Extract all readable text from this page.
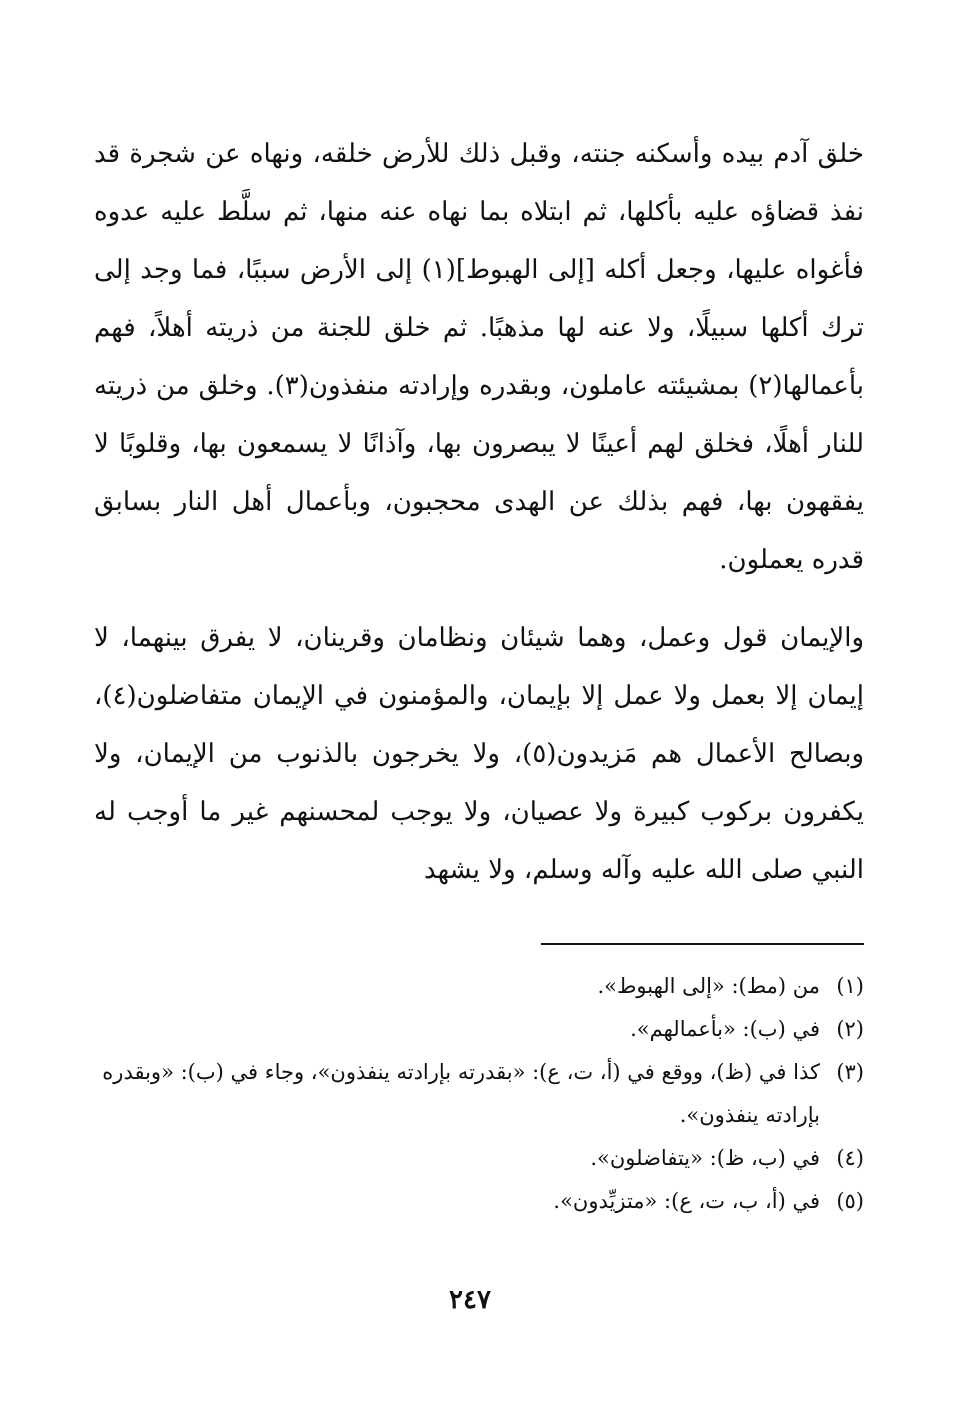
خلق آدم بيده وأسكنه جنته، وقبل ذلك للأرض خلقه، ونهاه عن شجرة قد نفذ قضاؤه عليه بأكلها، ثم ابتلاه بما نهاه عنه منها، ثم سلَّط عليه عدوه فأغواه عليها، وجعل أكله [إلى الهبوط](١) إلى الأرض سببًا، فما وجد إلى ترك أكلها سبيلًا، ولا عنه لها مذهبًا. ثم خلق للجنة من ذريته أهلاً، فهم بأعمالها(٢) بمشيئته عاملون، وبقدره وإرادته منفذون(٣). وخلق من ذريته للنار أهلًا، فخلق لهم أعينًا لا يبصرون بها، وآذانًا لا يسمعون بها، وقلوبًا لا يفقهون بها، فهم بذلك عن الهدى محجبون، وبأعمال أهل النار بسابق قدره يعملون.

والإيمان قول وعمل، وهما شيئان ونظامان وقرينان، لا يفرق بينهما، لا إيمان إلا بعمل ولا عمل إلا بإيمان، والمؤمنون في الإيمان متفاضلون(٤)، وبصالح الأعمال هم مَزيدون(٥)، ولا يخرجون بالذنوب من الإيمان، ولا يكفرون بركوب كبيرة ولا عصيان، ولا يوجب لمحسنهم غير ما أوجب له النبي صلى الله عليه وآله وسلم، ولا يشهد

(١)
من (مط): «إلى الهبوط».
(٢)
في (ب): «بأعمالهم».
(٣)
كذا في (ظ)، ووقع في (أ، ت، ع): «بقدرته بإرادته ينفذون»، وجاء في (ب): «وبقدره بإرادته ينفذون».
(٤)
في (ب، ظ): «يتفاضلون».
(٥)
في (أ، ب، ت، ع): «متزيِّدون».
٢٤٧
